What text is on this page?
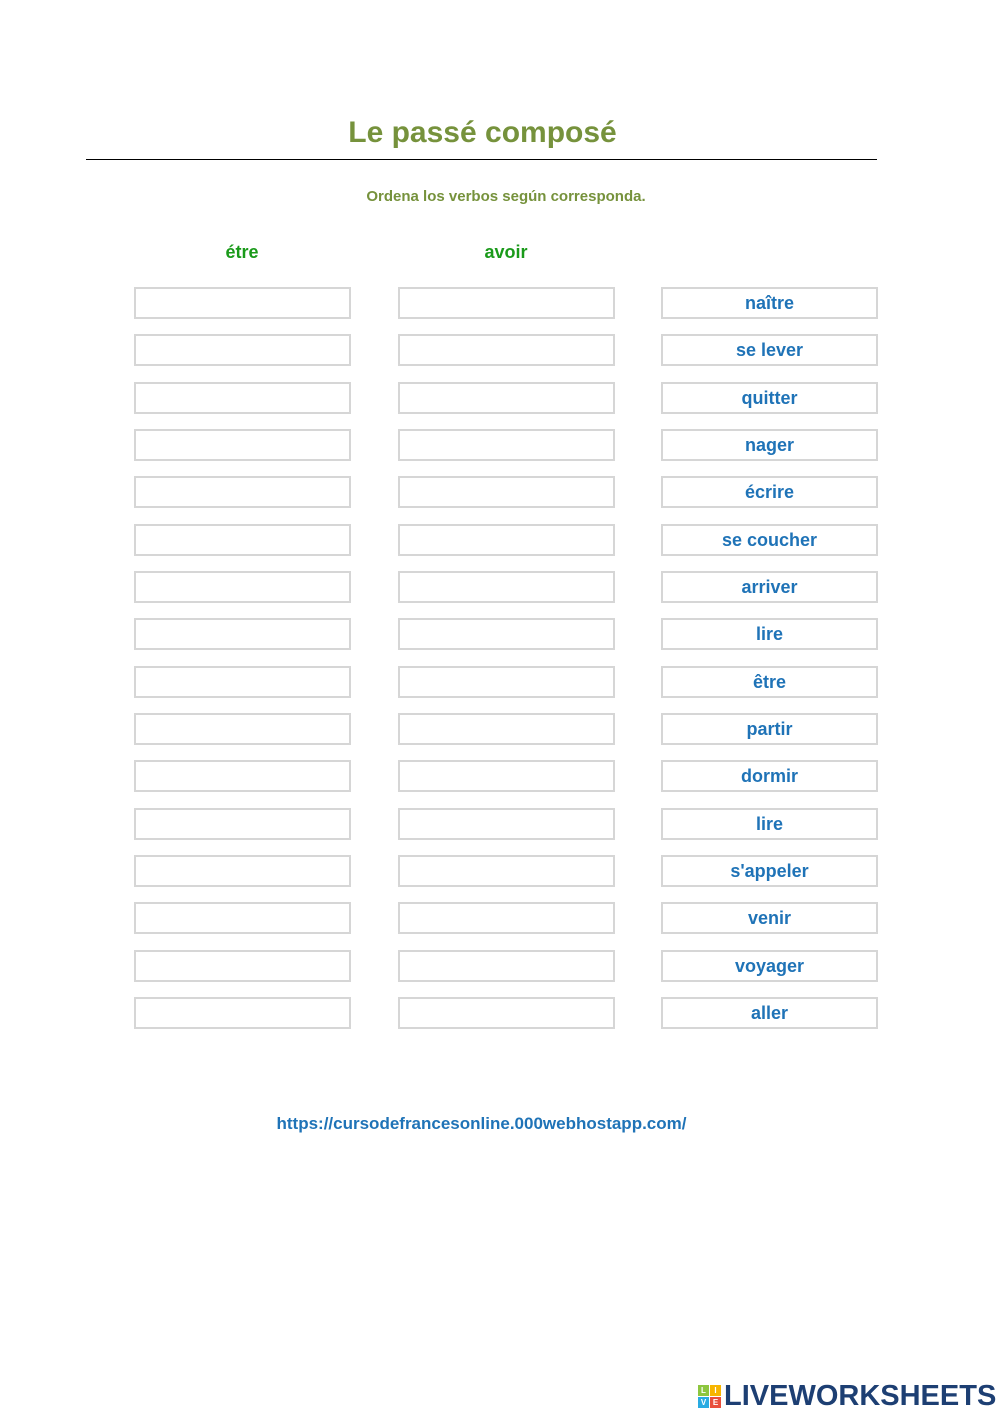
Le passé composé
Ordena los verbos según corresponda.
étre	avoir
naître
se lever
quitter
nager
écrire
se coucher
arriver
lire
être
partir
dormir
lire
s'appeler
venir
voyager
aller
https://cursodefrancesonline.000webhostapp.com/
L	I
V E LIVEWORKSHEETS
